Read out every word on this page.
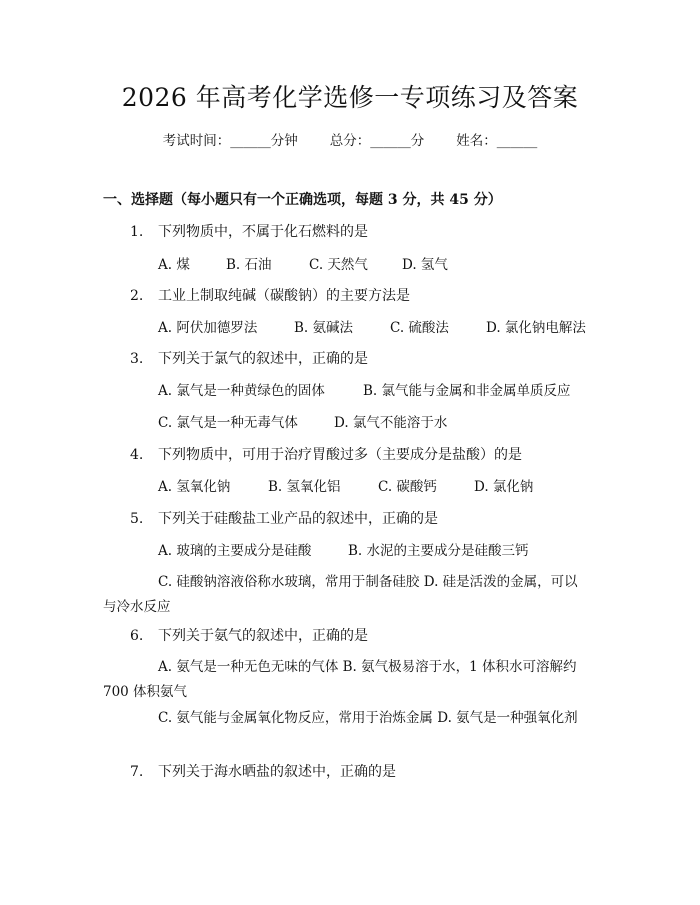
2026 年高考化学选修一专项练习及答案
考试时间：______分钟 总分：______分 姓名：______
一、选择题（每小题只有一个正确选项，每题 3 分，共 45 分）
1. 下列物质中，不属于化石燃料的是
A. 煤	B. 石油	C. 天然气	D. 氢气
2. 工业上制取纯碱（碳酸钠）的主要方法是
A. 阿伏加德罗法	B. 氨碱法	C. 硫酸法	D. 氯化钠电解法
3. 下列关于氯气的叙述中，正确的是
A. 氯气是一种黄绿色的固体	B. 氯气能与金属和非金属单质反应
C. 氯气是一种无毒气体	D. 氯气不能溶于水
4. 下列物质中，可用于治疗胃酸过多（主要成分是盐酸）的是
A. 氢氧化钠	B. 氢氧化铝	C. 碳酸钙	D. 氯化钠
5. 下列关于硅酸盐工业产品的叙述中，正确的是
A. 玻璃的主要成分是硅酸	B. 水泥的主要成分是硅酸三钙
C. 硅酸钠溶液俗称水玻璃，常用于制备硅胶 D. 硅是活泼的金属，可以与冷水反应
6. 下列关于氨气的叙述中，正确的是
A. 氨气是一种无色无味的气体 B. 氨气极易溶于水，1 体积水可溶解约 700 体积氨气
C. 氨气能与金属氧化物反应，常用于治炼金属 D. 氨气是一种强氧化剂
7. 下列关于海水晒盐的叙述中，正确的是
